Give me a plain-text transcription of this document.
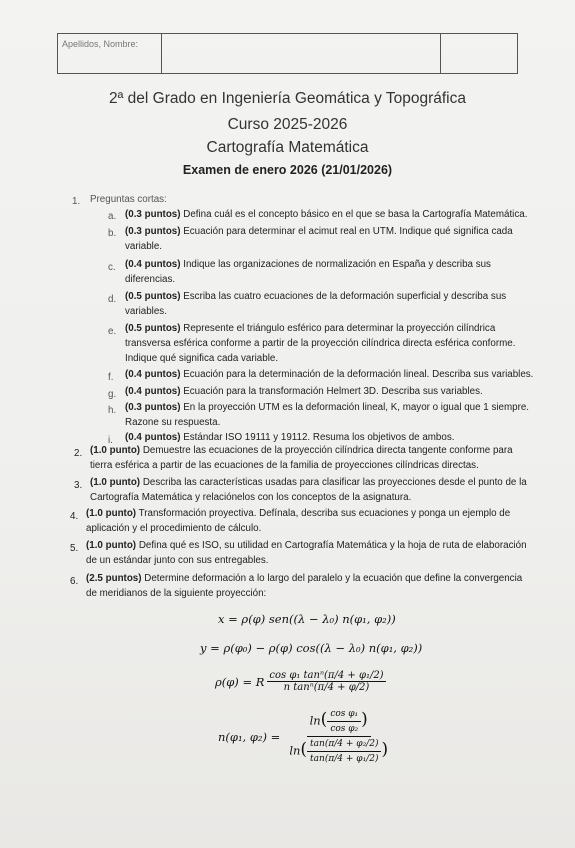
Apellidos, Nombre:
2ª del Grado en Ingeniería Geomática y Topográfica
Curso 2025-2026
Cartografía Matemática
Examen de enero 2026 (21/01/2026)
1. Preguntas cortas:
a. (0.3 puntos) Defina cuál es el concepto básico en el que se basa la Cartografía Matemática.
b. (0.3 puntos) Ecuación para determinar el acimut real en UTM. Indique qué significa cada
variable.
c. (0.4 puntos) Indique las organizaciones de normalización en España y describa sus
diferencias.
d. (0.5 puntos) Escriba las cuatro ecuaciones de la deformación superficial y describa sus
variables.
e. (0.5 puntos) Represente el triángulo esférico para determinar la proyección cilíndrica
transversa esférica conforme a partir de la proyección cilíndrica directa esférica conforme.
Indique qué significa cada variable.
f. (0.4 puntos) Ecuación para la determinación de la deformación lineal. Describa sus variables.
g. (0.4 puntos) Ecuación para la transformación Helmert 3D. Describa sus variables.
h. (0.3 puntos) En la proyección UTM es la deformación lineal, K, mayor o igual que 1 siempre.
Razone su respuesta.
i. (0.4 puntos) Estándar ISO 19111 y 19112. Resuma los objetivos de ambos.
2. (1.0 punto) Demuestre las ecuaciones de la proyección cilíndrica directa tangente conforme para
tierra esférica a partir de las ecuaciones de la familia de proyecciones cilíndricas directas.
3. (1.0 punto) Describa las características usadas para clasificar las proyecciones desde el punto de la
Cartografía Matemática y relaciónelos con los conceptos de la asignatura.
4. (1.0 punto) Transformación proyectiva. Defínala, describa sus ecuaciones y ponga un ejemplo de
aplicación y el procedimiento de cálculo.
5. (1.0 punto) Defina qué es ISO, su utilidad en Cartografía Matemática y la hoja de ruta de elaboración
de un estándar junto con sus entregables.
6. (2.5 puntos) Determine deformación a lo largo del paralelo y la ecuación que define la convergencia
de meridianos de la siguiente proyección:
x = ρ(φ) sen((λ − λ₀) n(φ₁, φ₂))
y = ρ(φ₀) − ρ(φ) cos((λ − λ₀) n(φ₁, φ₂))
ρ(φ) = R $\frac{\text{cos φ₁ tanⁿ(π/4 + φ₁/2)}}{\text{n tanⁿ(π/4 + φ/2)}}$
n(φ₁, $\varphi_2) = \frac{\ln( \frac{\text{cos φ₁}}{\text{cos φ₂}} )}{\ln( \frac{\text{tan(π/4 + φ₂/2)}}{\text{tan(π/4 + φ₁/2)}} )}$
